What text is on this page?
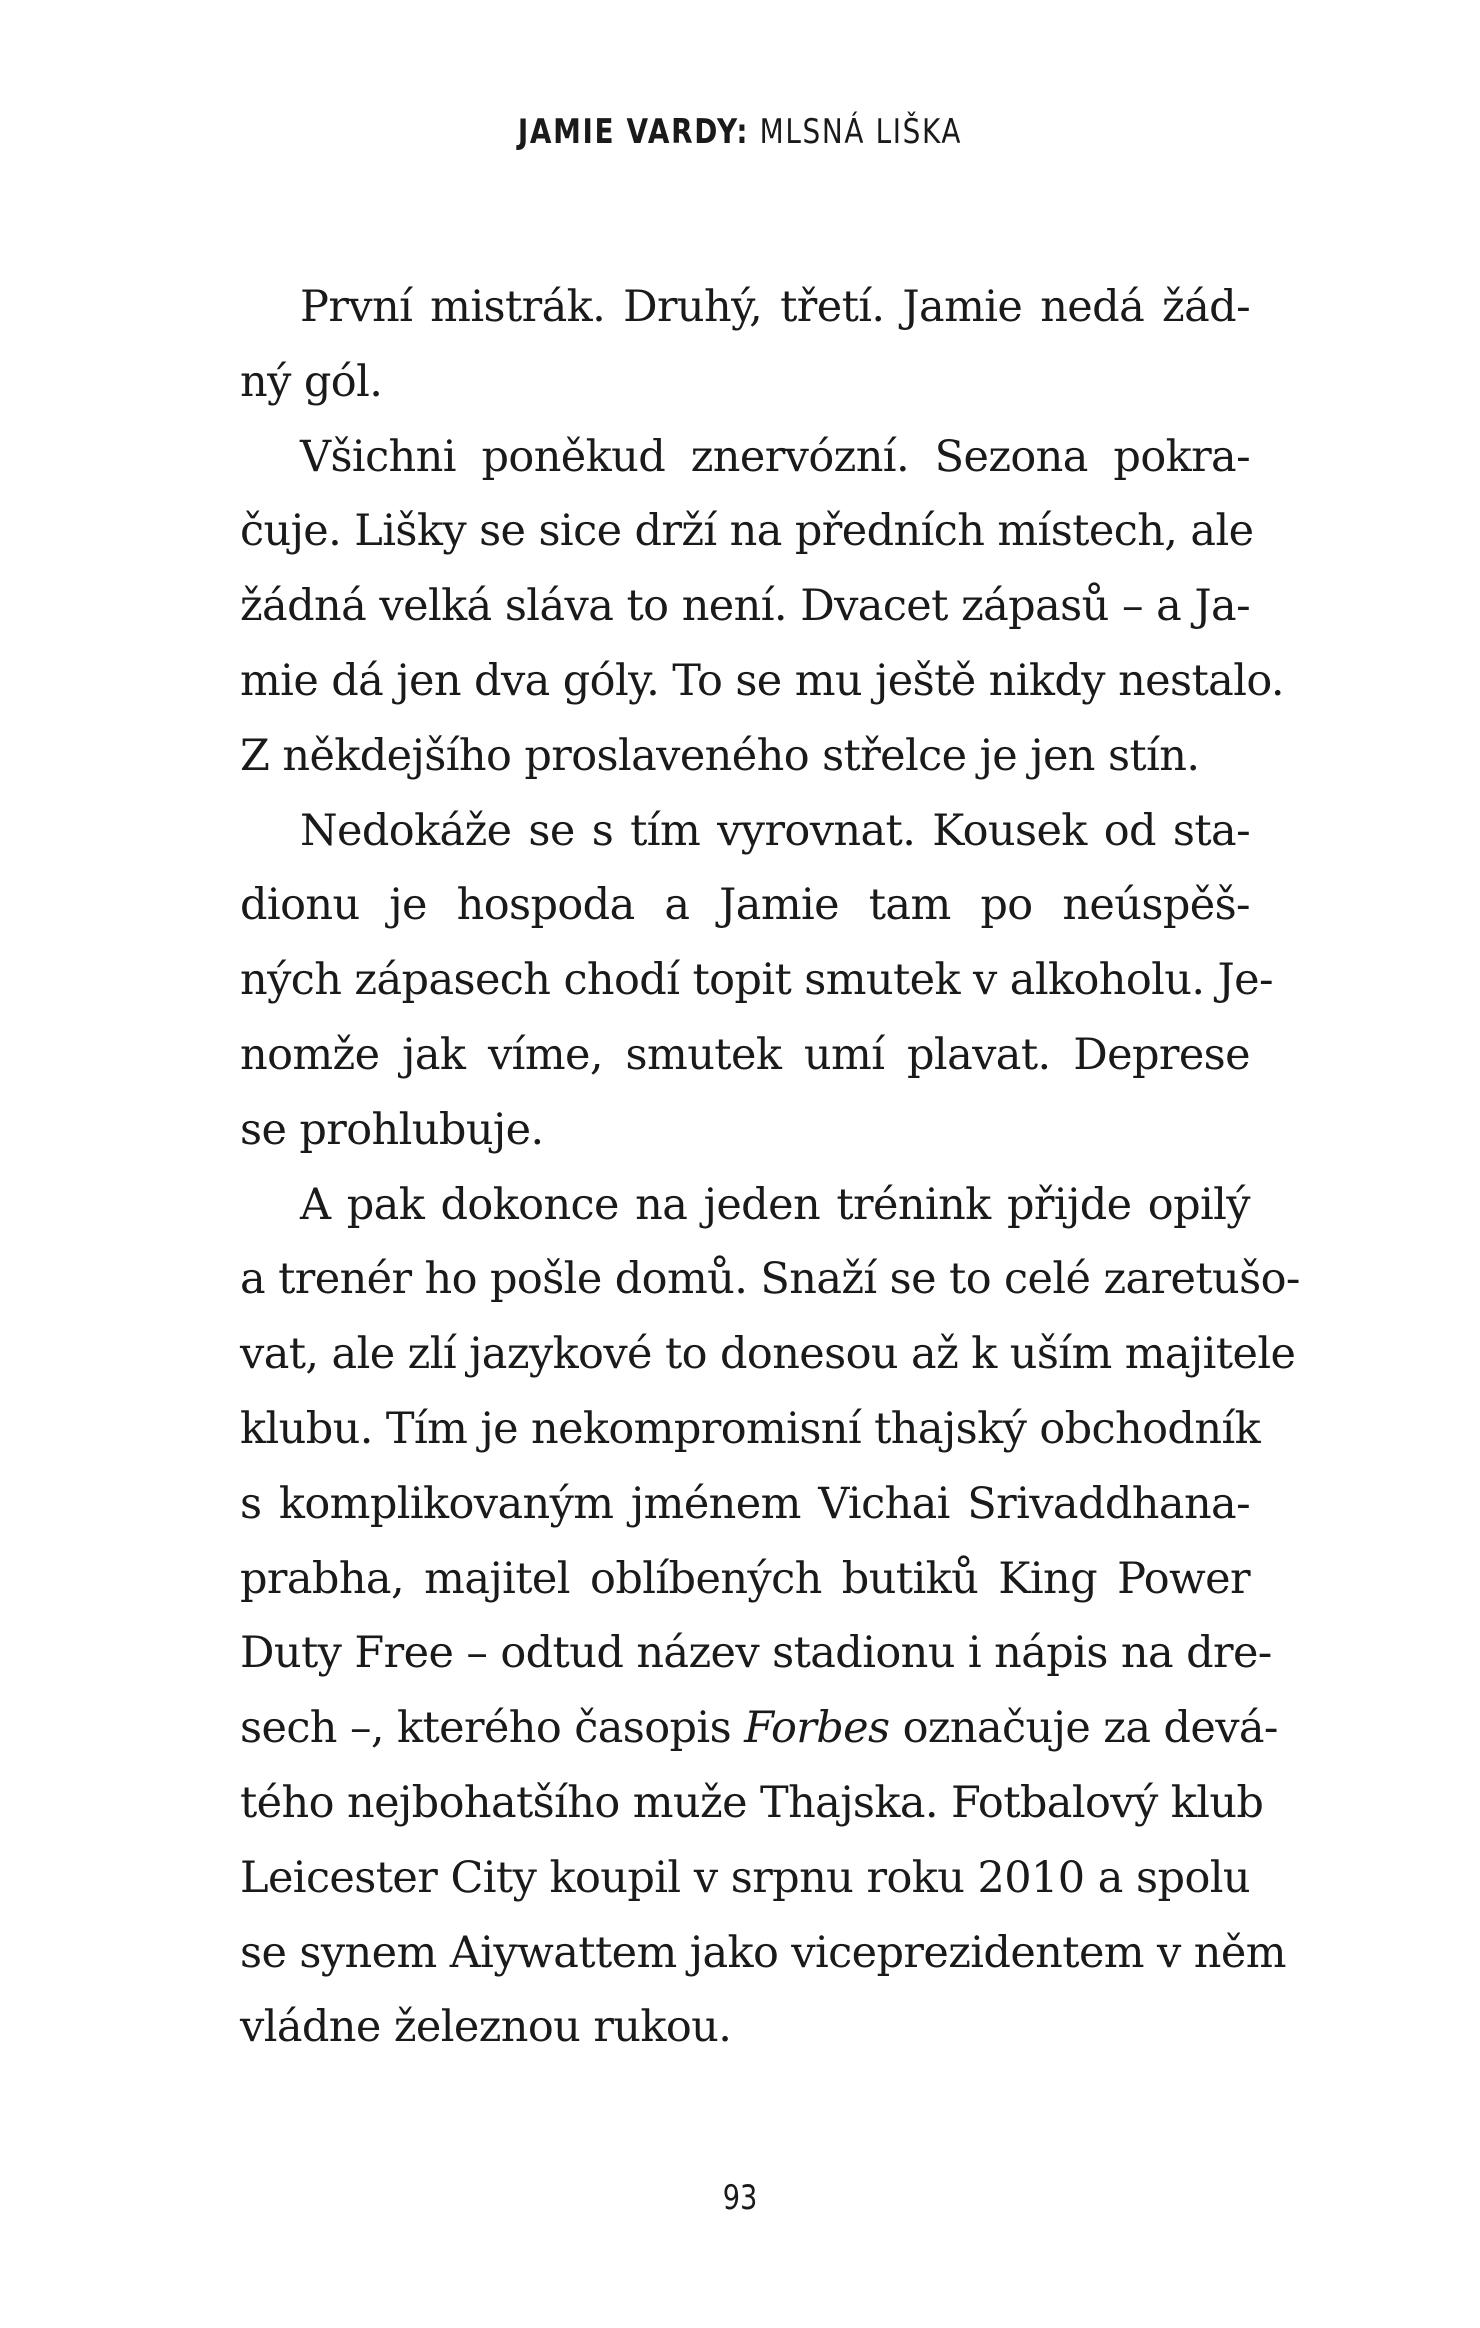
JAMIE VARDY: MLSNÁ LIŠKA
První mistrák. Druhý, třetí. Jamie nedá žád-
ný gól.
Všichni poněkud znervózní. Sezona pokra-
čuje. Lišky se sice drží na předních místech, ale
žádná velká sláva to není. Dvacet zápasů – a Ja-
mie dá jen dva góly. To se mu ještě nikdy nestalo.
Z někdejšího proslaveného střelce je jen stín.
Nedokáže se s tím vyrovnat. Kousek od sta-
dionu je hospoda a Jamie tam po neúspěš-
ných zápasech chodí topit smutek v alkoholu. Je-
nomže jak víme, smutek umí plavat. Deprese
se prohlubuje.
A pak dokonce na jeden trénink přijde opilý
a trenér ho pošle domů. Snaží se to celé zaretušo-
vat, ale zlí jazykové to donesou až k uším majitele
klubu. Tím je nekompromisní thajský obchodník
s komplikovaným jménem Vichai Srivaddhana-
prabha, majitel oblíbených butiků King Power
Duty Free – odtud název stadionu i nápis na dre-
sech –, kterého časopis Forbes označuje za devá-
tého nejbohatšího muže Thajska. Fotbalový klub
Leicester City koupil v srpnu roku 2010 a spolu
se synem Aiywattem jako viceprezidentem v něm
vládne železnou rukou.
93
